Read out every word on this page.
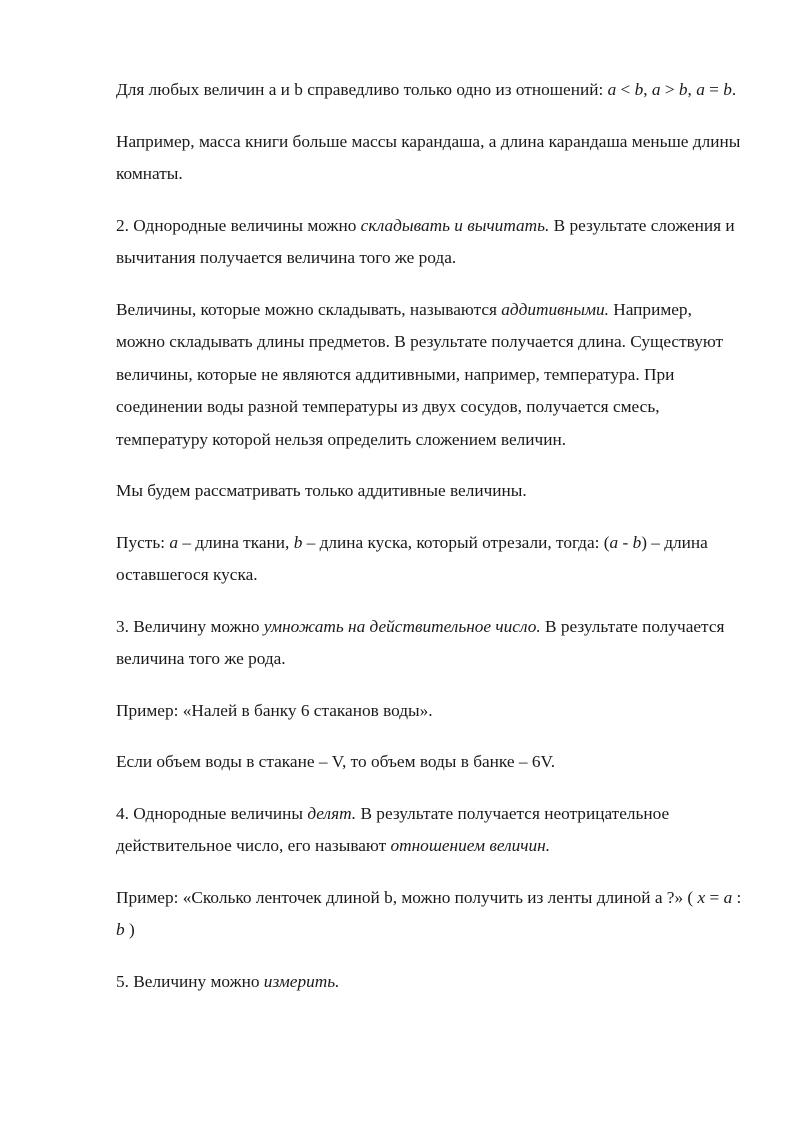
Для любых величин a и b справедливо только одно из отношений: a < b, a > b, a = b.

Например, масса книги больше массы карандаша, а длина карандаша меньше длины комнаты.

2. Однородные величины можно складывать и вычитать. В результате сложения и вычитания получается величина того же рода.

Величины, которые можно складывать, называются аддитивными. Например, можно складывать длины предметов. В результате получается длина. Существуют величины, которые не являются аддитивными, например, температура. При соединении воды разной температуры из двух сосудов, получается смесь, температуру которой нельзя определить сложением величин.

Мы будем рассматривать только аддитивные величины.

Пусть: a – длина ткани, b – длина куска, который отрезали, тогда: (a - b) – длина оставшегося куска.

3. Величину можно умножать на действительное число. В результате получается величина того же рода.

Пример: «Налей в банку 6 стаканов воды».

Если объем воды в стакане – V, то объем воды в банке – 6V.

4. Однородные величины делят. В результате получается неотрицательное действительное число, его называют отношением величин.

Пример: «Сколько ленточек длиной b, можно получить из ленты длиной a ?» ( x = a : b )

5. Величину можно измерить.
